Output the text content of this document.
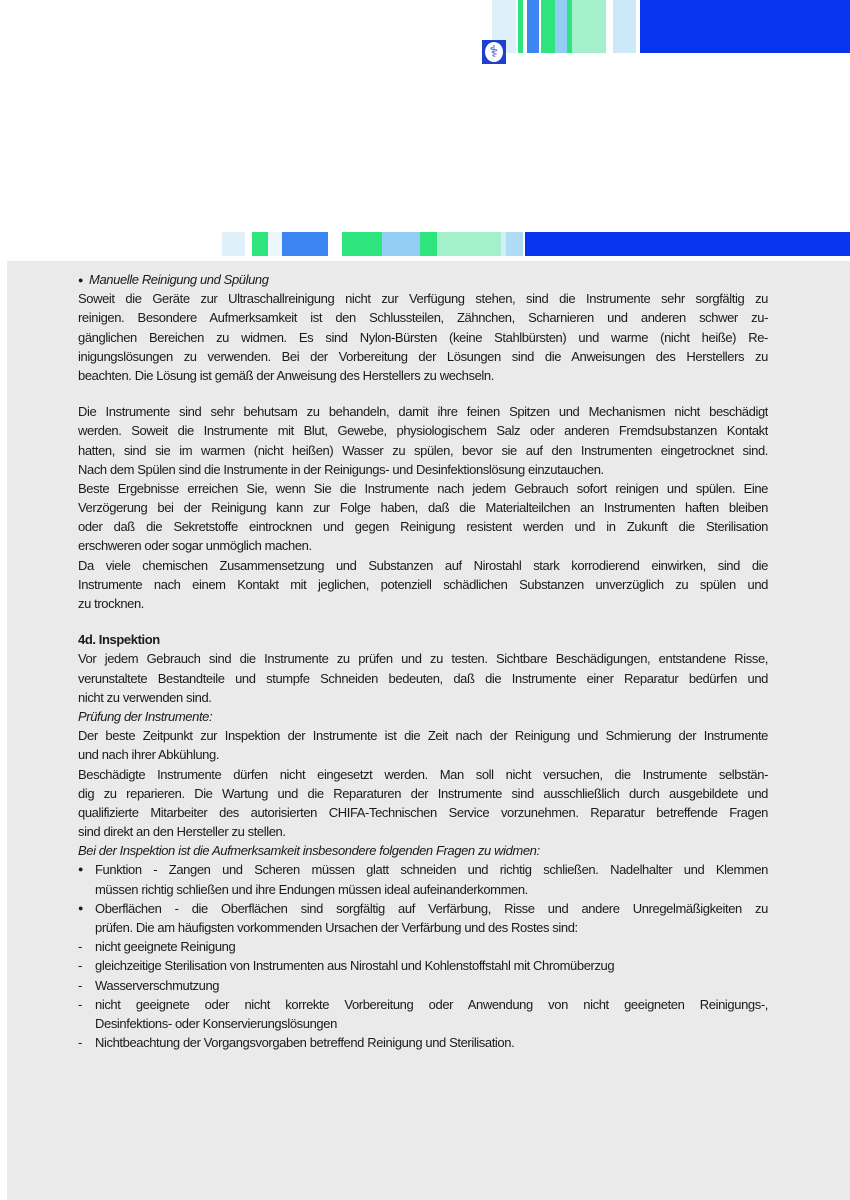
⚕
● Manuelle Reinigung und Spülung
Soweit die Geräte zur Ultraschallreinigung nicht zur Verfügung stehen, sind die Instrumente sehr sorgfältig zu
reinigen. Besondere Aufmerksamkeit ist den Schlussteilen, Zähnchen, Scharnieren und anderen schwer zu-
gänglichen Bereichen zu widmen. Es sind Nylon-Bürsten (keine Stahlbürsten) und warme (nicht heiße) Re-
inigungslösungen zu verwenden. Bei der Vorbereitung der Lösungen sind die Anweisungen des Herstellers zu
beachten. Die Lösung ist gemäß der Anweisung des Herstellers zu wechseln.
Die Instrumente sind sehr behutsam zu behandeln, damit ihre feinen Spitzen und Mechanismen nicht beschädigt
werden. Soweit die Instrumente mit Blut, Gewebe, physiologischem Salz oder anderen Fremdsubstanzen Kontakt
hatten, sind sie im warmen (nicht heißen) Wasser zu spülen, bevor sie auf den Instrumenten eingetrocknet sind.
Nach dem Spülen sind die Instrumente in der Reinigungs- und Desinfektionslösung einzutauchen.
Beste Ergebnisse erreichen Sie, wenn Sie die Instrumente nach jedem Gebrauch sofort reinigen und spülen. Eine
Verzögerung bei der Reinigung kann zur Folge haben, daß die Materialteilchen an Instrumenten haften bleiben
oder daß die Sekretstoffe eintrocknen und gegen Reinigung resistent werden und in Zukunft die Sterilisation
erschweren oder sogar unmöglich machen.
Da viele chemischen Zusammensetzung und Substanzen auf Nirostahl stark korrodierend einwirken, sind die
Instrumente nach einem Kontakt mit jeglichen, potenziell schädlichen Substanzen unverzüglich zu spülen und
zu trocknen.
4d. Inspektion
Vor jedem Gebrauch sind die Instrumente zu prüfen und zu testen. Sichtbare Beschädigungen, entstandene Risse,
verunstaltete Bestandteile und stumpfe Schneiden bedeuten, daß die Instrumente einer Reparatur bedürfen und
nicht zu verwenden sind.
Prüfung der Instrumente:
Der beste Zeitpunkt zur Inspektion der Instrumente ist die Zeit nach der Reinigung und Schmierung der Instrumente
und nach ihrer Abkühlung.
Beschädigte Instrumente dürfen nicht eingesetzt werden. Man soll nicht versuchen, die Instrumente selbstän-
dig zu reparieren. Die Wartung und die Reparaturen der Instrumente sind ausschließlich durch ausgebildete und
qualifizierte Mitarbeiter des autorisierten CHIFA-Technischen Service vorzunehmen. Reparatur betreffende Fragen
sind direkt an den Hersteller zu stellen.
Bei der Inspektion ist die Aufmerksamkeit insbesondere folgenden Fragen zu widmen:
● Funktion - Zangen und Scheren müssen glatt schneiden und richtig schließen. Nadelhalter und Klemmen
müssen richtig schließen und ihre Endungen müssen ideal aufeinanderkommen.
● Oberflächen - die Oberflächen sind sorgfältig auf Verfärbung, Risse und andere Unregelmäßigkeiten zu
prüfen. Die am häufigsten vorkommenden Ursachen der Verfärbung und des Rostes sind:
- nicht geeignete Reinigung
- gleichzeitige Sterilisation von Instrumenten aus Nirostahl und Kohlenstoffstahl mit Chromüberzug
- Wasserverschmutzung
- nicht geeignete oder nicht korrekte Vorbereitung oder Anwendung von nicht geeigneten Reinigungs-,
Desinfektions- oder Konservierungslösungen
- Nichtbeachtung der Vorgangsvorgaben betreffend Reinigung und Sterilisation.
